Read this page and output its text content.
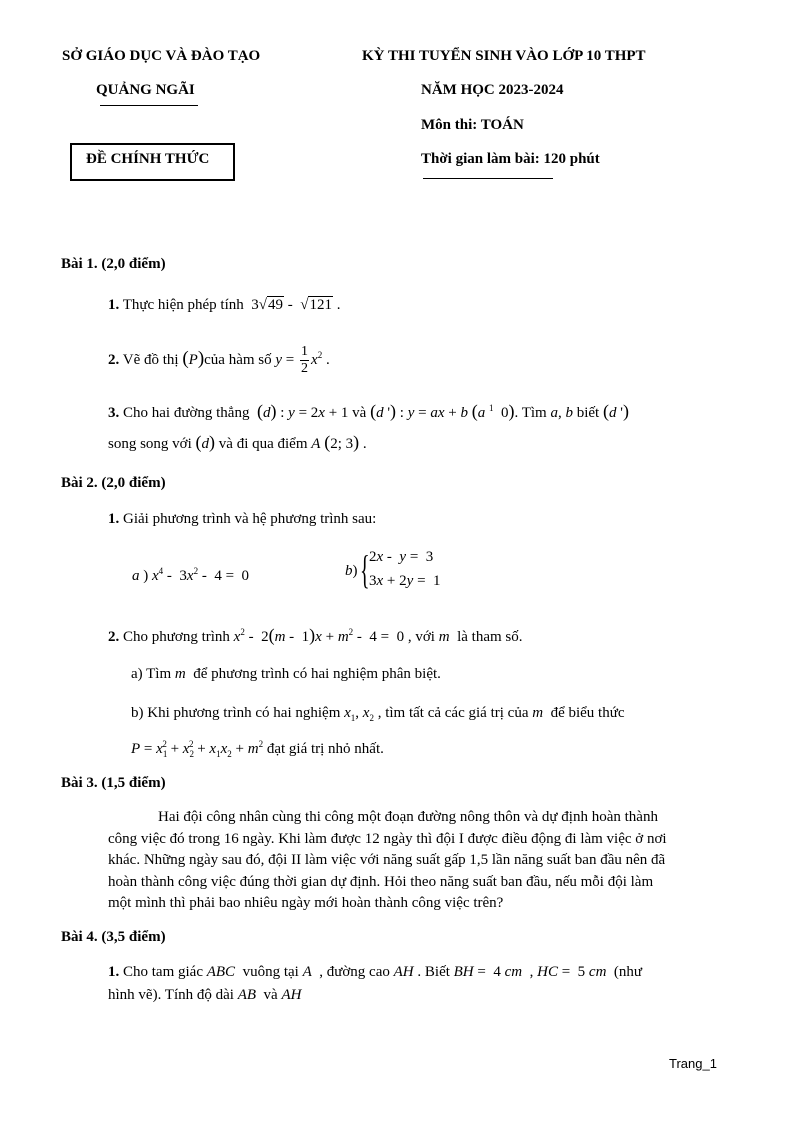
SỞ GIÁO DỤC VÀ ĐÀO TẠO
QUẢNG NGÃI
ĐỀ CHÍNH THỨC
KỲ THI TUYỂN SINH VÀO LỚP 10 THPT
NĂM HỌC 2023-2024
Môn thi: TOÁN
Thời gian làm bài: 120 phút
Bài 1. (2,0 điểm)
1. Thực hiện phép tính  3√49 -  √121 .
2. Vẽ đồ thị (P)của hàm số $y = \frac{1}{2} x^2$ .
3. Cho hai đường thẳng (d) : y = 2x + 1 và (d ') : y = ax + b (a $^1$  0). Tìm a, b biết (d ')
song song với (d) và đi qua điểm A (2; 3) .
Bài 2. (2,0 điểm)
1. Giải phương trình và hệ phương trình sau:
a ) $x^4 - 3x^2 - 4 = 0$	b) { 2x -  y =  3
3x + 2y =  1
2. Cho phương trình $x^2 - 2(m - 1)x + m^2 - 4 = 0$ , với m là tham số.
a) Tìm m để phương trình có hai nghiệm phân biệt.
b) Khi phương trình có hai nghiệm $x_1$, $x_2$ , tìm tất cả các giá trị của m để biểu thức
$P = x_1^2 + x_2^2 + x_1x_2 + m^2$ đạt giá trị nhỏ nhất.
Bài 3. (1,5 điểm)

Hai đội công nhân cùng thi công một đoạn đường nông thôn và dự định hoàn thành

công việc đó trong 16 ngày. Khi làm được 12 ngày thì đội I được điều động đi làm việc ở nơi

khác. Những ngày sau đó, đội II làm việc với năng suất gấp 1,5 lần năng suất ban đầu nên đã

hoàn thành công việc đúng thời gian dự định. Hỏi theo năng suất ban đầu, nếu mỗi đội làm

một mình thì phải bao nhiêu ngày mới hoàn thành công việc trên?

Bài 4. (3,5 điểm)
1. Cho tam giác ABC vuông tại A , đường cao AH . Biết BH =  4 cm  , HC =  5 cm (như
hình vẽ). Tính độ dài AB và AH
Trang_1
